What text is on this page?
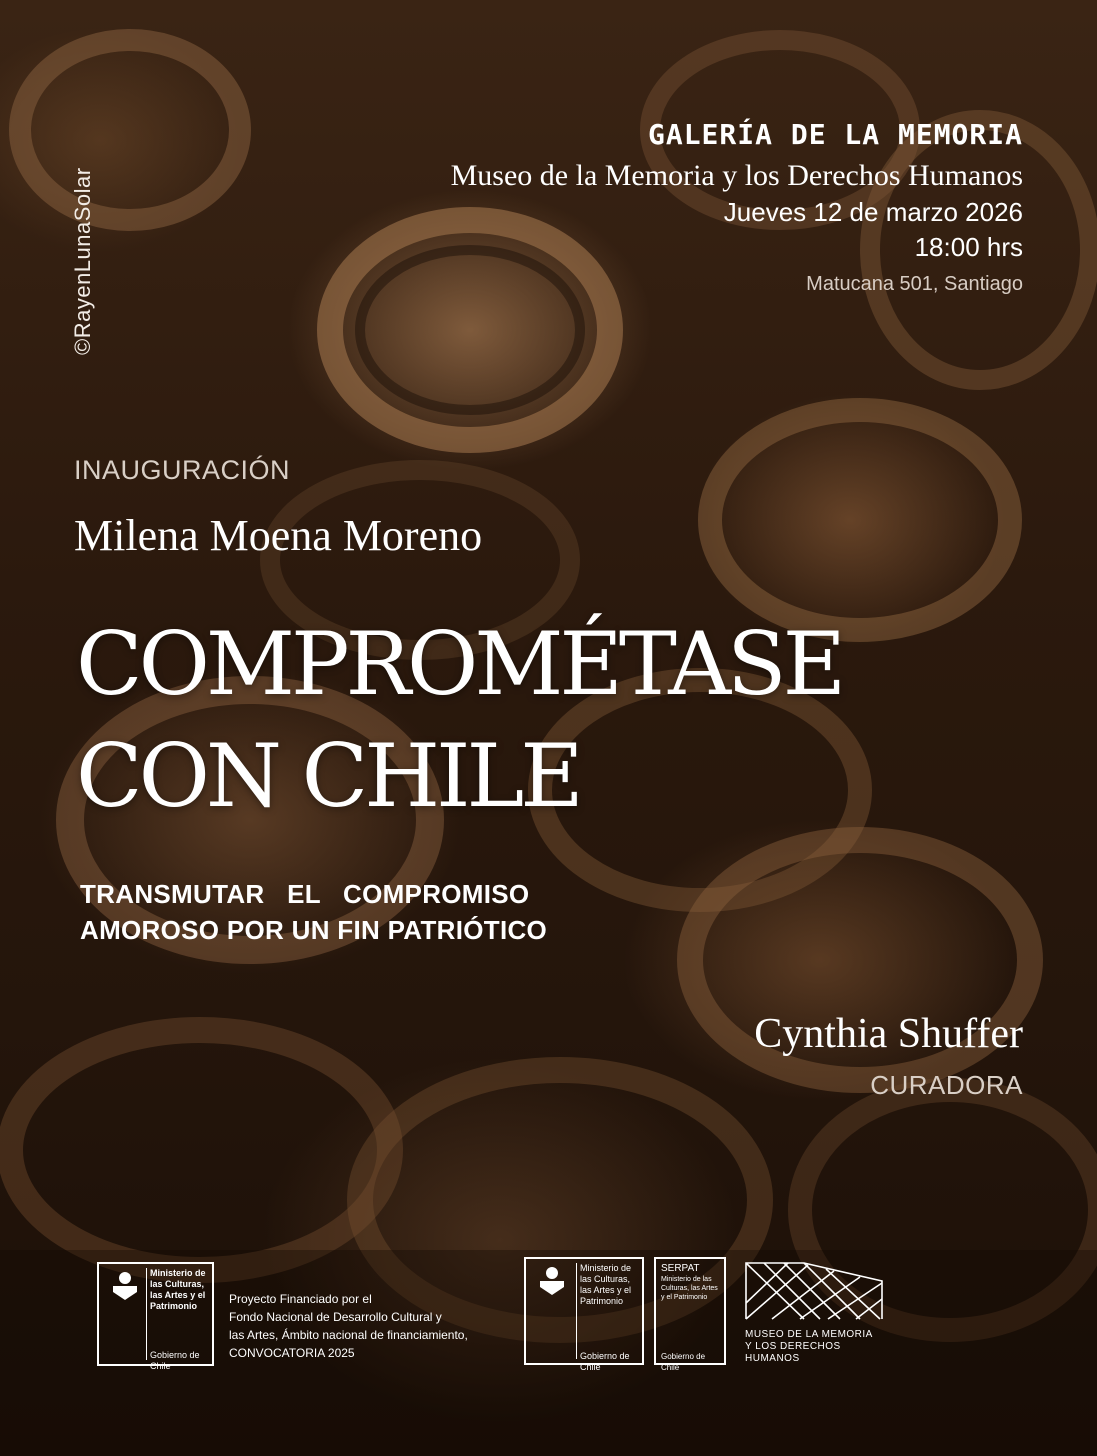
©RayenLunaSolar
GALERÍA DE LA MEMORIA
Museo de la Memoria y los Derechos Humanos
Jueves 12 de marzo 2026
18:00 hrs
Matucana 501, Santiago
INAUGURACIÓN
Milena Moena Moreno
COMPROMÉTASE
CON CHILE
TRANSMUTAR   EL   COMPROMISO
AMOROSO POR UN FIN PATRIÓTICO
Cynthia Shuffer
CURADORA
Ministerio de las Culturas, las Artes y el Patrimonio
Gobierno de Chile
Proyecto Financiado por el
Fondo Nacional de Desarrollo Cultural y
las Artes, Ámbito nacional de financiamiento,
CONVOCATORIA 2025
Ministerio de las Culturas, las Artes y el Patrimonio
Gobierno de Chile
SERPAT
Ministerio de las Culturas, las Artes y el Patrimonio
Gobierno de Chile
MUSEO DE LA MEMORIA
Y LOS DERECHOS
HUMANOS
